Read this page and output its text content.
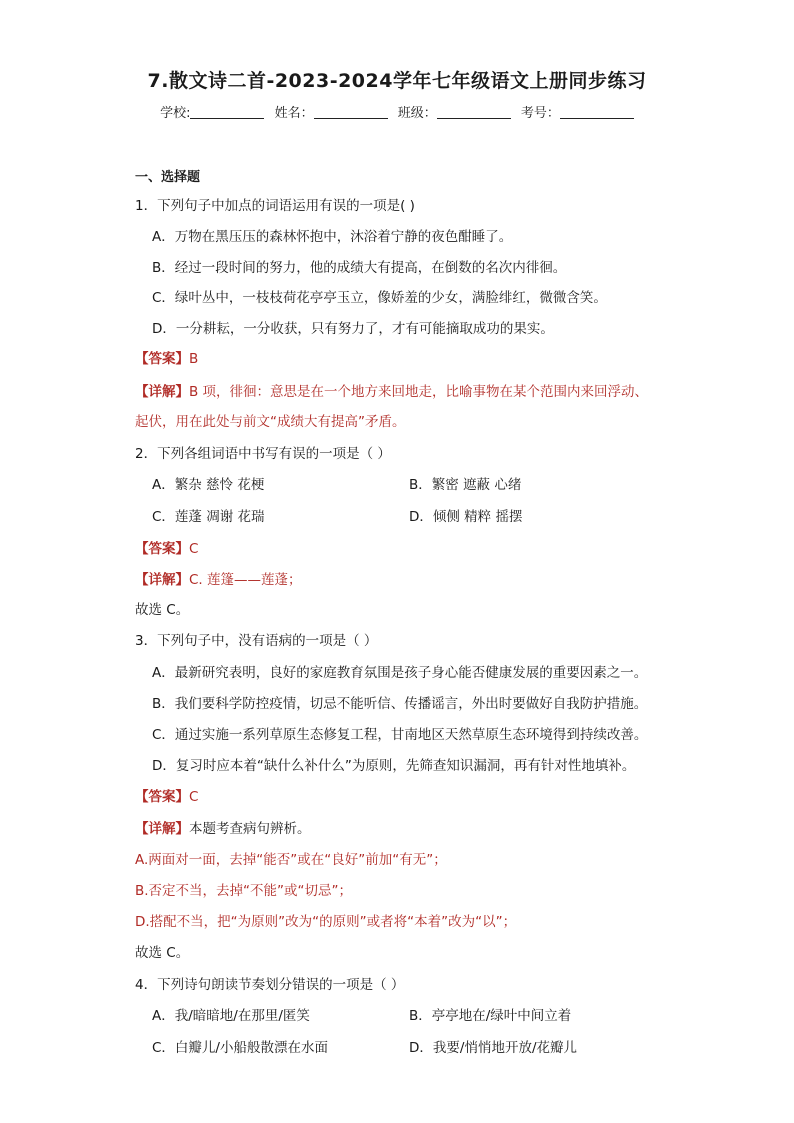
7.散文诗二首-2023-2024学年七年级语文上册同步练习
学校:	姓名：	班级：	考号：
一、选择题
1．下列句子中加点的词语运用有误的一项是( )
A．万物在黑压压的森林怀抱中，沐浴着宁静的夜色酣睡了。
B．经过一段时间的努力，他的成绩大有提高，在倒数的名次内徘徊。
C．绿叶丛中，一枝枝荷花亭亭玉立，像娇羞的少女，满脸绯红，微微含笑。
D．一分耕耘，一分收获，只有努力了，才有可能摘取成功的果实。
【答案】B
【详解】B 项，徘徊：意思是在一个地方来回地走，比喻事物在某个范围内来回浮动、
起伏，用在此处与前文“成绩大有提高”矛盾。
2．下列各组词语中书写有误的一项是（ ）
A．繁杂 慈怜 花梗	B．繁密 遮蔽 心绪
C．莲蓬 凋谢 花瑞	D．倾侧 精粹 摇摆
【答案】C
【详解】C. 莲篷——莲蓬；
故选 C。
3．下列句子中，没有语病的一项是（ ）
A．最新研究表明，良好的家庭教育氛围是孩子身心能否健康发展的重要因素之一。
B．我们要科学防控疫情，切忌不能听信、传播谣言，外出时要做好自我防护措施。
C．通过实施一系列草原生态修复工程，甘南地区天然草原生态环境得到持续改善。
D．复习时应本着“缺什么补什么”为原则，先筛查知识漏洞，再有针对性地填补。
【答案】C
【详解】本题考查病句辨析。
A.两面对一面，去掉“能否”或在“良好”前加“有无”；
B.否定不当，去掉“不能”或“切忌”；
D.搭配不当，把“为原则”改为“的原则”或者将“本着”改为“以”；
故选 C。
4．下列诗句朗读节奏划分错误的一项是（ ）
A．我/暗暗地/在那里/匿笑	B．亭亭地在/绿叶中间立着
C．白瓣儿/小船般散漂在水面	D．我要/悄悄地开放/花瓣儿
